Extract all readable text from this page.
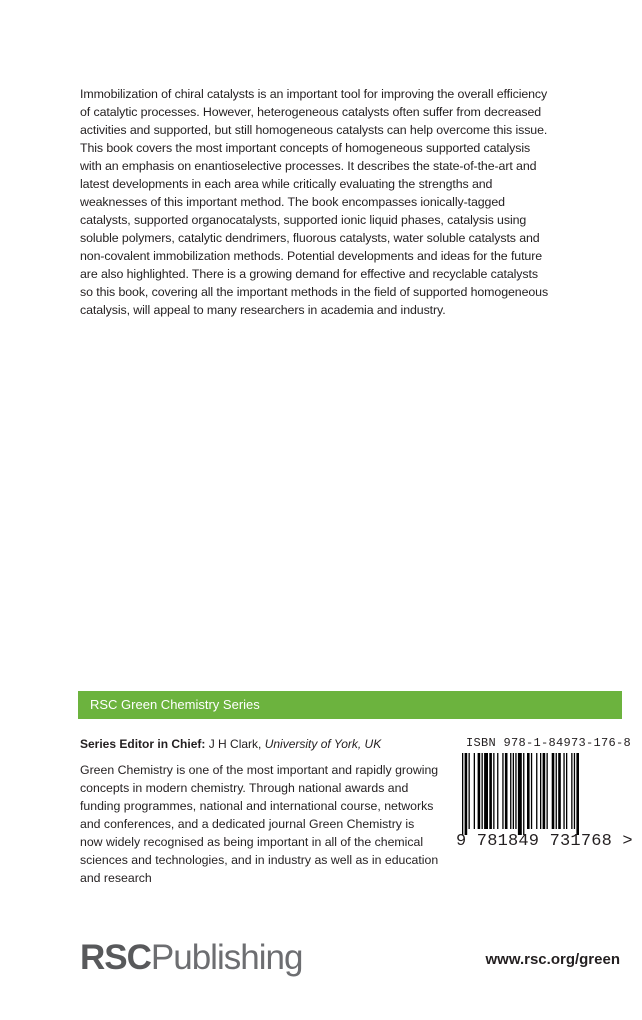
Immobilization of chiral catalysts is an important tool for improving the overall efficiency of catalytic processes. However, heterogeneous catalysts often suffer from decreased activities and supported, but still homogeneous catalysts can help overcome this issue. This book covers the most important concepts of homogeneous supported catalysis with an emphasis on enantioselective processes. It describes the state-of-the-art and latest developments in each area while critically evaluating the strengths and weaknesses of this important method. The book encompasses ionically-tagged catalysts, supported organocatalysts, supported ionic liquid phases, catalysis using soluble polymers, catalytic dendrimers, fluorous catalysts, water soluble catalysts and non-covalent immobilization methods. Potential developments and ideas for the future are also highlighted. There is a growing demand for effective and recyclable catalysts so this book, covering all the important methods in the field of supported homogeneous catalysis, will appeal to many researchers in academia and industry.

RSC Green Chemistry Series
Series Editor in Chief: J H Clark, University of York, UK

Green Chemistry is one of the most important and rapidly growing concepts in modern chemistry. Through national awards and funding programmes, national and international course, networks and conferences, and a dedicated journal Green Chemistry is now widely recognised as being important in all of the chemical sciences and technologies, and in industry as well as in education and research

ISBN 978-1-84973-176-8
9 781849 731768 >
RSCPublishing	www.rsc.org/green
